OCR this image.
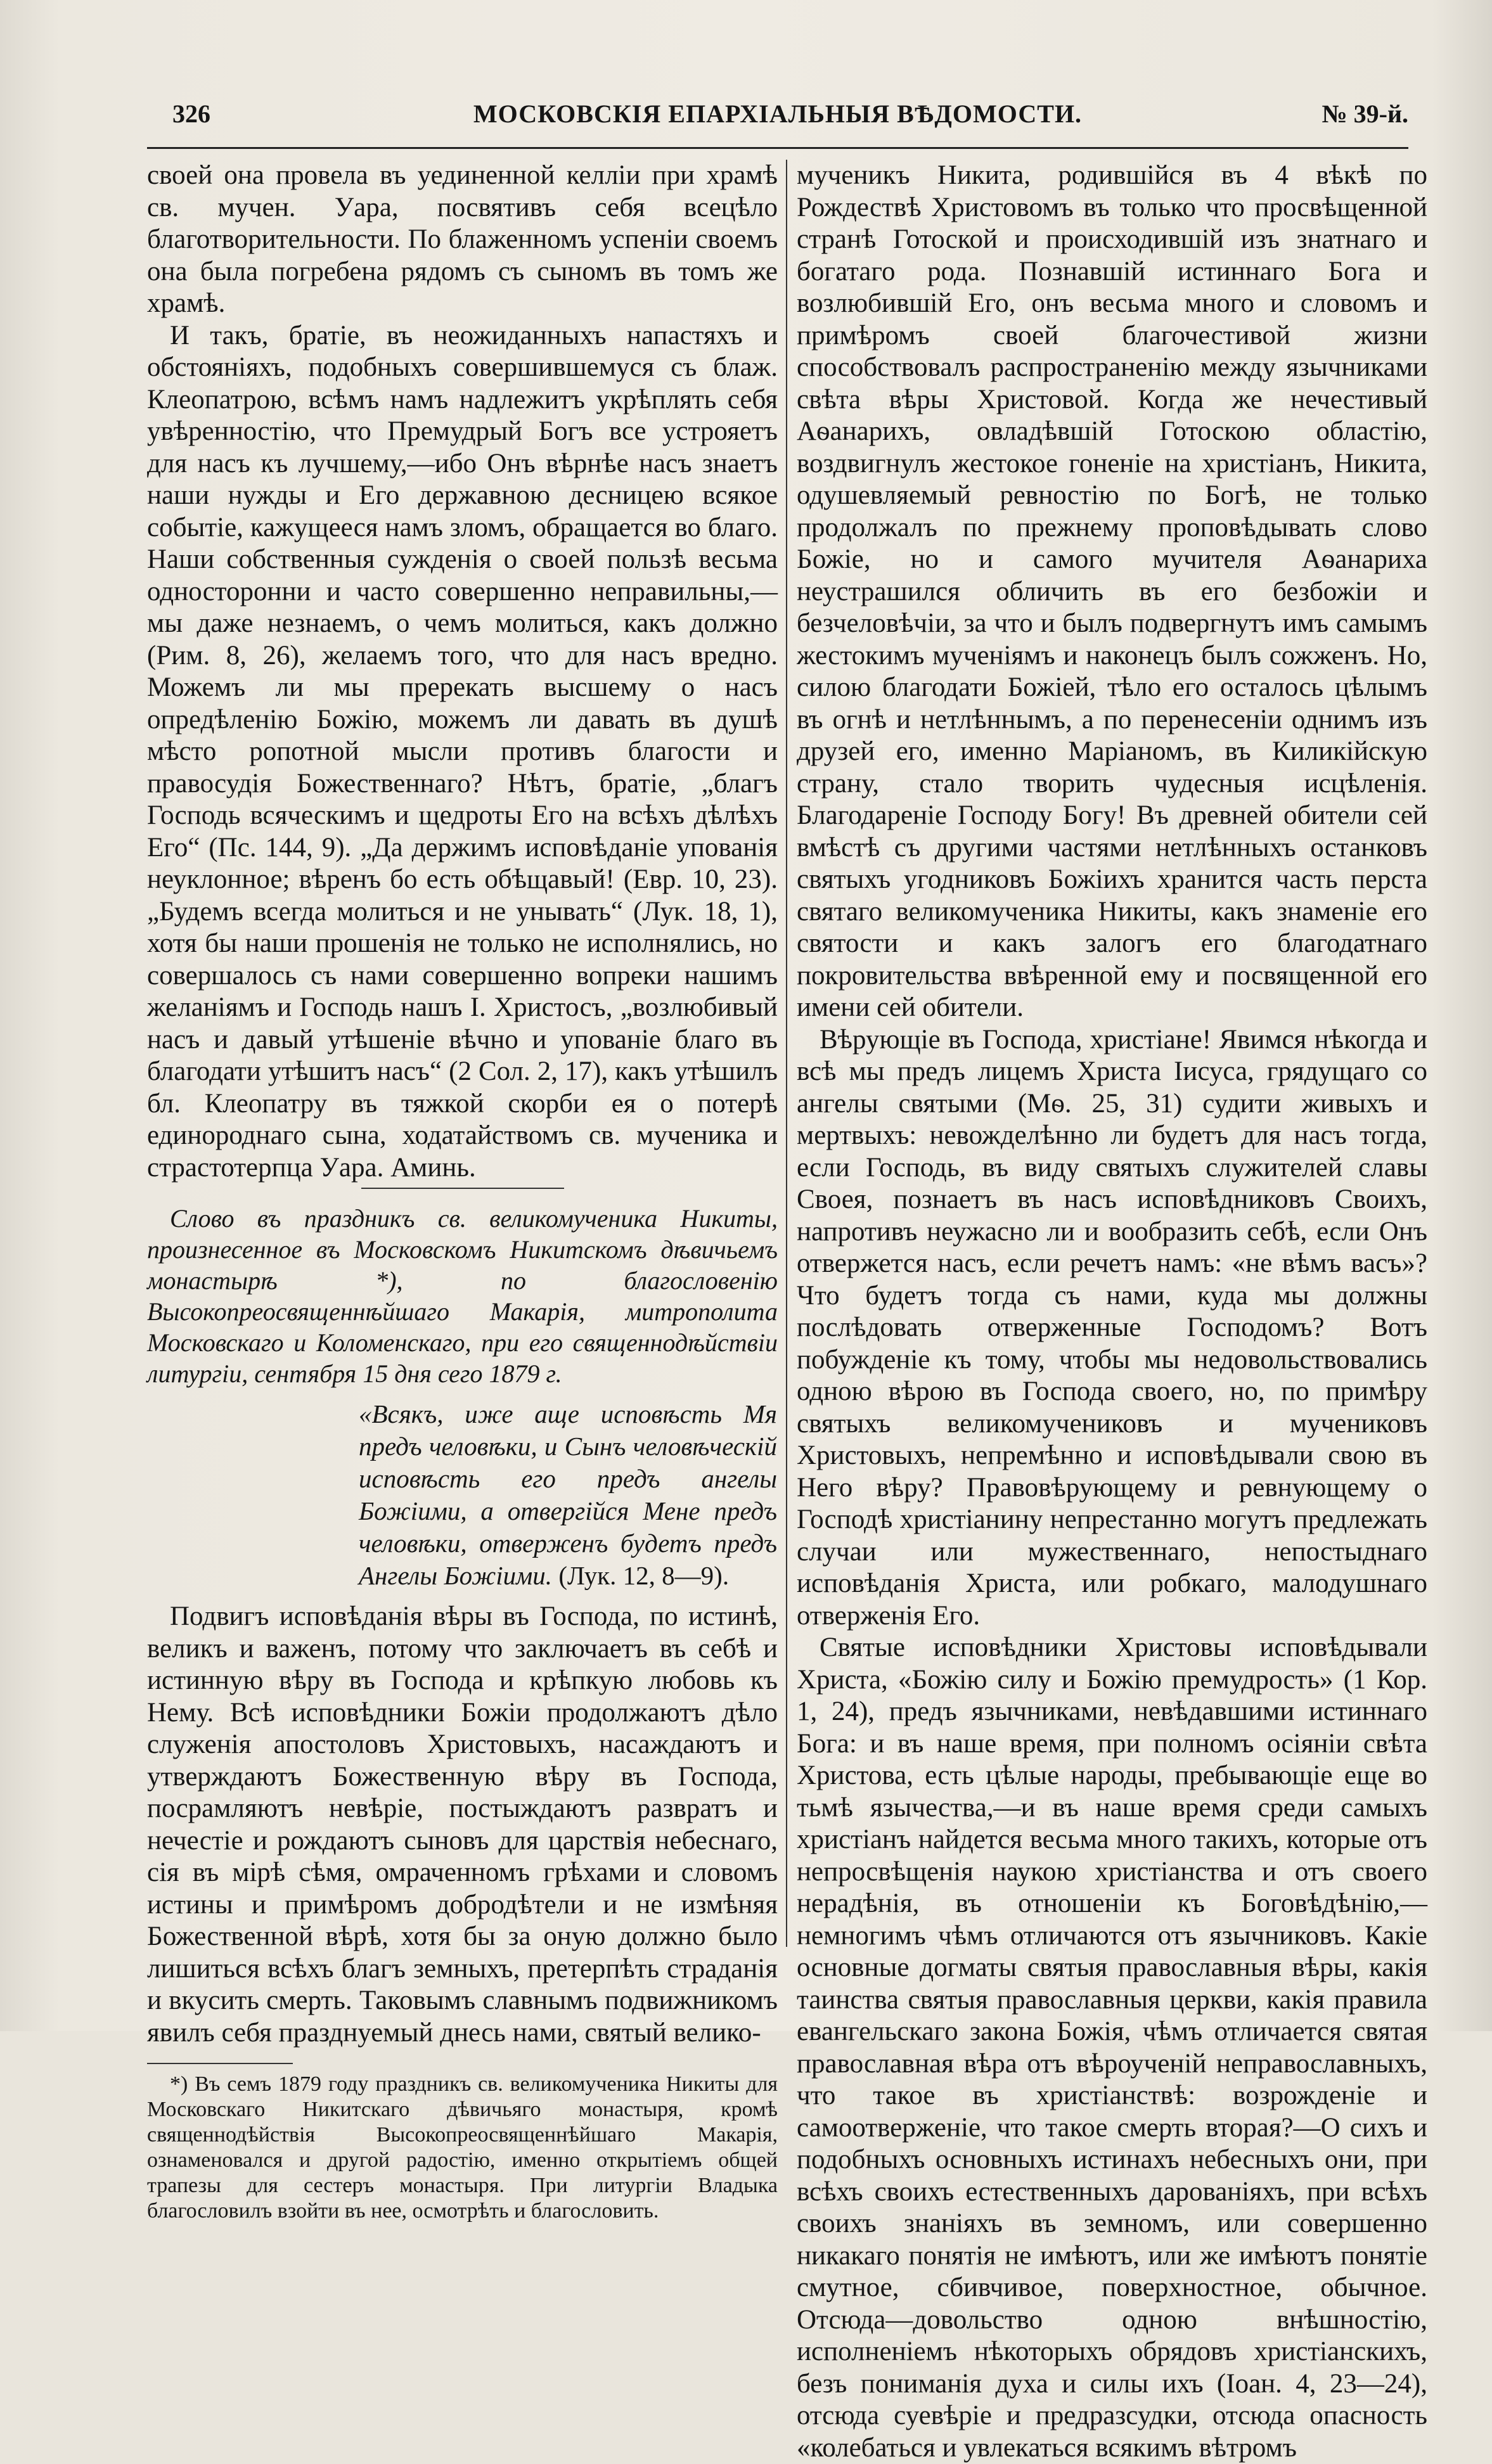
326	МОСКОВСКІЯ ЕПАРХІАЛЬНЫЯ ВѢДОМОСТИ.	№ 39-й.

своей она провела въ уединенной келліи при храмѣ св. мучен. Уара, посвятивъ себя всецѣло благотворительности. По блаженномъ успеніи своемъ она была погребена рядомъ съ сыномъ въ томъ же храмѣ.

И такъ, братіе, въ неожиданныхъ напастяхъ и обстояніяхъ, подобныхъ совершившемуся съ блаж. Клеопатрою, всѣмъ намъ надлежитъ укрѣплять себя увѣренностію, что Премудрый Богъ все устрояетъ для насъ къ лучшему,—ибо Онъ вѣрнѣе насъ знаетъ наши нужды и Его державною десницею всякое событіе, кажущееся намъ зломъ, обращается во благо. Наши собственныя сужденія о своей пользѣ весьма односторонни и часто совершенно неправильны,—мы даже незнаемъ, о чемъ молиться, какъ должно (Рим. 8, 26), желаемъ того, что для насъ вредно. Можемъ ли мы пререкать высшему о насъ опредѣленію Божію, можемъ ли давать въ душѣ мѣсто ропотной мысли противъ благости и правосудія Божественнаго? Нѣтъ, братіе, „благъ Господь всяческимъ и щедроты Его на всѣхъ дѣлѣхъ Его“ (Пс. 144, 9). „Да держимъ исповѣданіе упованія неуклонное; вѣренъ бо есть обѣщавый! (Евр. 10, 23). „Будемъ всегда молиться и не унывать“ (Лук. 18, 1), хотя бы наши прошенія не только не исполнялись, но совершалось съ нами совершенно вопреки нашимъ желаніямъ и Господь нашъ І. Христосъ, „возлюбивый насъ и давый утѣшеніе вѣчно и упованіе благо въ благодати утѣшитъ насъ“ (2 Сол. 2, 17), какъ утѣшилъ бл. Клеопатру въ тяжкой скорби ея о потерѣ единороднаго сына, ходатайствомъ св. мученика и страстотерпца Уара. Аминь.

Слово въ праздникъ св. великомученика Никиты, произнесенное въ Московскомъ Никитскомъ дѣвичьемъ монастырѣ *), по благословенію Высокопреосвященнѣйшаго Макарія, митрополита Московскаго и Коломенскаго, при его священнодѣйствіи литургіи, сентября 15 дня сего 1879 г.

«Всякъ, иже аще исповѣсть Мя предъ человѣки, и Сынъ человѣческій исповѣсть его предъ ангелы Божіими, а отвергійся Мене предъ человѣки, отверженъ будетъ предъ Ангелы Божіими. (Лук. 12, 8—9).

Подвигъ исповѣданія вѣры въ Господа, по истинѣ, великъ и важенъ, потому что заключаетъ въ себѣ и истинную вѣру въ Господа и крѣпкую любовь къ Нему. Всѣ исповѣдники Божіи продолжаютъ дѣло служенія апостоловъ Христовыхъ, насаждаютъ и утверждаютъ Божественную вѣру въ Господа, посрамляютъ невѣріе, постыждаютъ развратъ и нечестіе и рождаютъ сыновъ для царствія небеснаго, сія въ мірѣ сѣмя, омраченномъ грѣхами и словомъ истины и примѣромъ добродѣтели и не измѣняя Божественной вѣрѣ, хотя бы за оную должно было лишиться всѣхъ благъ земныхъ, претерпѣть страданія и вкусить смерть. Таковымъ славнымъ подвижникомъ явилъ себя празднуемый днесь нами, святый велико-

*) Въ семъ 1879 году праздникъ св. великомученика Никиты для Московскаго Никитскаго дѣвичьяго монастыря, кромѣ священнодѣйствія Высокопреосвященнѣйшаго Макарія, ознаменовался и другой радостію, именно открытіемъ общей трапезы для сестеръ монастыря. При литургіи Владыка благословилъ взойти въ нее, осмотрѣть и благословить.

мученикъ Никита, родившійся въ 4 вѣкѣ по Рождествѣ Христовомъ въ только что просвѣщенной странѣ Готоской и происходившій изъ знатнаго и богатаго рода. Познавшій истиннаго Бога и возлюбившій Его, онъ весьма много и словомъ и примѣромъ своей благочестивой жизни способствовалъ распространенію между язычниками свѣта вѣры Христовой. Когда же нечестивый Аѳанарихъ, овладѣвшій Готоскою областію, воздвигнулъ жестокое гоненіе на христіанъ, Никита, одушевляемый ревностію по Богѣ, не только продолжалъ по прежнему проповѣдывать слово Божіе, но и самого мучителя Аѳанариха неустрашился обличить въ его безбожіи и безчеловѣчіи, за что и былъ подвергнутъ имъ самымъ жестокимъ мученіямъ и наконецъ былъ сожженъ. Но, силою благодати Божіей, тѣло его осталось цѣлымъ въ огнѣ и нетлѣннымъ, а по перенесеніи однимъ изъ друзей его, именно Маріаномъ, въ Киликійскую страну, стало творить чудесныя исцѣленія. Благодареніе Господу Богу! Въ древней обители сей вмѣстѣ съ другими частями нетлѣнныхъ останковъ святыхъ угодниковъ Божіихъ хранится часть перста святаго великомученика Никиты, какъ знаменіе его святости и какъ залогъ его благодатнаго покровительства ввѣренной ему и посвященной его имени сей обители.

Вѣрующіе въ Господа, христіане! Явимся нѣкогда и всѣ мы предъ лицемъ Христа Іисуса, грядущаго со ангелы святыми (Мѳ. 25, 31) судити живыхъ и мертвыхъ: невожделѣнно ли будетъ для насъ тогда, если Господь, въ виду святыхъ служителей славы Своея, познаетъ въ насъ исповѣдниковъ Своихъ, напротивъ неужасно ли и вообразить себѣ, если Онъ отвержется насъ, если речетъ намъ: «не вѣмъ васъ»? Что будетъ тогда съ нами, куда мы должны послѣдовать отверженные Господомъ? Вотъ побужденіе къ тому, чтобы мы недовольствовались одною вѣрою въ Господа своего, но, по примѣру святыхъ великомучениковъ и мучениковъ Христовыхъ, непремѣнно и исповѣдывали свою въ Него вѣру? Правовѣрующему и ревнующему о Господѣ христіанину непрестанно могутъ предлежать случаи или мужественнаго, непостыднаго исповѣданія Христа, или робкаго, малодушнаго отверженія Его.

Святые исповѣдники Христовы исповѣдывали Христа, «Божію силу и Божію премудрость» (1 Кор. 1, 24), предъ язычниками, невѣдавшими истиннаго Бога: и въ наше время, при полномъ осіяніи свѣта Христова, есть цѣлые народы, пребывающіе еще во тьмѣ язычества,—и въ наше время среди самыхъ христіанъ найдется весьма много такихъ, которые отъ непросвѣщенія наукою христіанства и отъ своего нерадѣнія, въ отношеніи къ Боговѣдѣнію,—немногимъ чѣмъ отличаются отъ язычниковъ. Какіе основные догматы святыя православныя вѣры, какія таинства святыя православныя церкви, какія правила евангельскаго закона Божія, чѣмъ отличается святая православная вѣра отъ вѣроученій неправославныхъ, что такое въ христіанствѣ: возрожденіе и самоотверженіе, что такое смерть вторая?—О сихъ и подобныхъ основныхъ истинахъ небесныхъ они, при всѣхъ своихъ естественныхъ дарованіяхъ, при всѣхъ своихъ знаніяхъ въ земномъ, или совершенно никакаго понятія не имѣютъ, или же имѣютъ понятіе смутное, сбивчивое, поверхностное, обычное. Отсюда—довольство одною внѣшностію, исполненіемъ нѣкоторыхъ обрядовъ христіанскихъ, безъ пониманія духа и силы ихъ (Іоан. 4, 23—24), отсюда суевѣріе и предразсудки, отсюда опасность «колебаться и увлекаться всякимъ вѣтромъ
